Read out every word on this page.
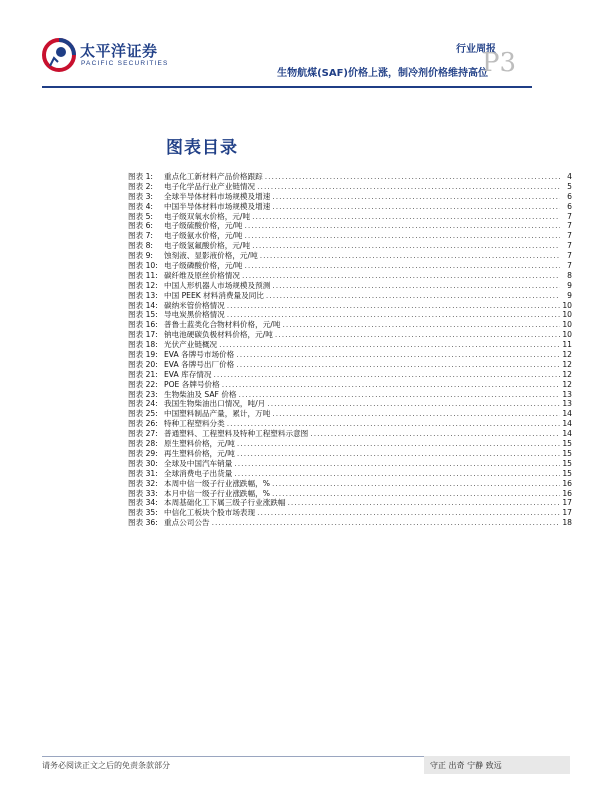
太平洋证券
PACIFIC SECURITIES
行业周报
生物航煤(SAF)价格上涨，制冷剂价格维持高位
P3
图表目录
图表 1:	重点化工新材料产品价格跟踪 .....	4
图表 2:	电子化学品行业产业链情况 .....	5
图表 3:	全球半导体材料市场规模及增速 .....	6
图表 4:	中国半导体材料市场规模及增速 .....	6
图表 5:	电子级双氧水价格，元/吨 .....	7
图表 6:	电子级硫酸价格，元/吨 .....	7
图表 7:	电子级氨水价格，元/吨 .....	7
图表 8:	电子级氢氟酸价格，元/吨 .....	7
图表 9:	蚀刻液、显影液价格，元/吨 .....	7
图表 10: 电子级磷酸价格，元/吨 .....	7
图表 11: 碳纤维及原丝价格情况 .....	8
图表 12: 中国人形机器人市场规模及预测 .....	9
图表 13: 中国 PEEK 材料消费量及同比 .....	9
图表 14: 碳纳米管价格情况 .....	10
图表 15: 导电炭黑价格情况 .....	10
图表 16: 普鲁士蓝类化合物材料价格，元/吨 .....	10
图表 17: 钠电池硬碳负极材料价格，元/吨 .....	10
图表 18: 光伏产业链概况 .....	11
图表 19: EVA 各牌号市场价格 .....	12
图表 20: EVA 各牌号出厂价格 .....	12
图表 21: EVA 库存情况 .....	12
图表 22: POE 各牌号价格 .....	12
图表 23: 生物柴油及 SAF 价格 .....	13
图表 24: 我国生物柴油出口情况，吨/月 .....	13
图表 25: 中国塑料制品产量，累计，万吨 .....	14
图表 26: 特种工程塑料分类 .....	14
图表 27: 普通塑料、工程塑料及特种工程塑料示意图 .....	14
图表 28: 原生塑料价格，元/吨 .....	15
图表 29: 再生塑料价格，元/吨 .....	15
图表 30: 全球及中国汽车销量 .....	15
图表 31: 全球消费电子出货量 .....	15
图表 32: 本周中信一级子行业涨跌幅，% .....	16
图表 33: 本月中信一级子行业涨跌幅，% .....	16
图表 34: 本周基础化工下属三级子行业涨跌幅 .....	17
图表 35: 中信化工板块个股市场表现 .....	17
图表 36: 重点公司公告 .....	18
请务必阅读正文之后的免责条款部分	守正 出奇 宁静 致远
